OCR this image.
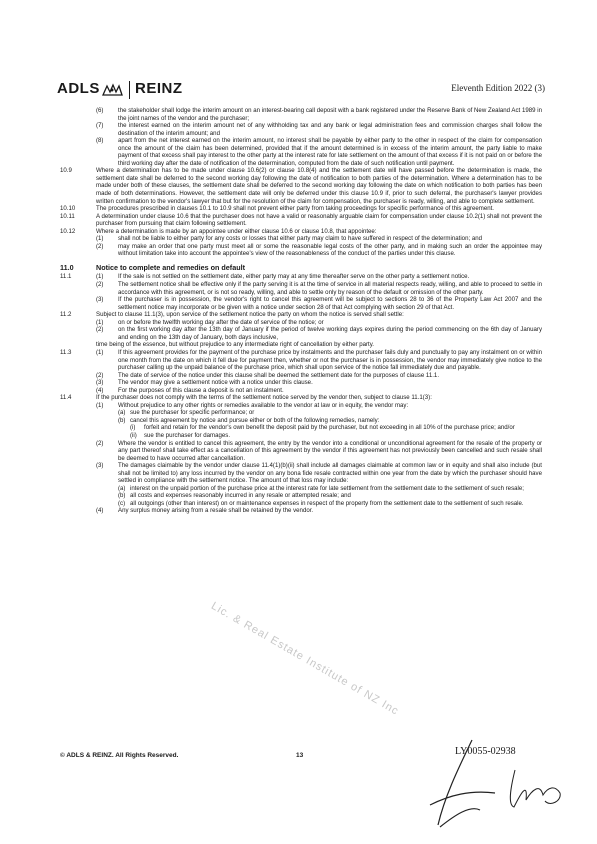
ADLS REINZ	Eleventh Edition 2022 (3)
Lic. & Real Estate Institute of NZ Inc
(6)	the stakeholder shall lodge the interim amount on an interest-bearing call deposit with a bank registered under the Reserve Bank of New Zealand Act 1989 in the joint names of the vendor and the purchaser;
(7)	the interest earned on the interim amount net of any withholding tax and any bank or legal administration fees and commission charges shall follow the destination of the interim amount; and
(8)	apart from the net interest earned on the interim amount, no interest shall be payable by either party to the other in respect of the claim for compensation once the amount of the claim has been determined, provided that if the amount determined is in excess of the interim amount, the party liable to make payment of that excess shall pay interest to the other party at the interest rate for late settlement on the amount of that excess if it is not paid on or before the third working day after the date of notification of the determination, computed from the date of such notification until payment.
10.9	Where a determination has to be made under clause 10.6(2) or clause 10.8(4) and the settlement date will have passed before the determination is made, the settlement date shall be deferred to the second working day following the date of notification to both parties of the determination. Where a determination has to be made under both of these clauses, the settlement date shall be deferred to the second working day following the date on which notification to both parties has been made of both determinations. However, the settlement date will only be deferred under this clause 10.9 if, prior to such deferral, the purchaser's lawyer provides written confirmation to the vendor's lawyer that but for the resolution of the claim for compensation, the purchaser is ready, willing, and able to complete settlement.
10.10	The procedures prescribed in clauses 10.1 to 10.9 shall not prevent either party from taking proceedings for specific performance of this agreement.
10.11	A determination under clause 10.6 that the purchaser does not have a valid or reasonably arguable claim for compensation under clause 10.2(1) shall not prevent the purchaser from pursuing that claim following settlement.
10.12	Where a determination is made by an appointee under either clause 10.6 or clause 10.8, that appointee:
(1)	shall not be liable to either party for any costs or losses that either party may claim to have suffered in respect of the determination; and
(2)	may make an order that one party must meet all or some the reasonable legal costs of the other party, and in making such an order the appointee may without limitation take into account the appointee's view of the reasonableness of the conduct of the parties under this clause.
11.0	Notice to complete and remedies on default
11.1	(1)	If the sale is not settled on the settlement date, either party may at any time thereafter serve on the other party a settlement notice.
(2)	The settlement notice shall be effective only if the party serving it is at the time of service in all material respects ready, willing, and able to proceed to settle in accordance with this agreement, or is not so ready, willing, and able to settle only by reason of the default or omission of the other party.
(3)	If the purchaser is in possession, the vendor's right to cancel this agreement will be subject to sections 28 to 36 of the Property Law Act 2007 and the settlement notice may incorporate or be given with a notice under section 28 of that Act complying with section 29 of that Act.
11.2	Subject to clause 11.1(3), upon service of the settlement notice the party on whom the notice is served shall settle:
(1)	on or before the twelfth working day after the date of service of the notice; or
(2)	on the first working day after the 13th day of January if the period of twelve working days expires during the period commencing on the 6th day of January and ending on the 13th day of January, both days inclusive,
time being of the essence, but without prejudice to any intermediate right of cancellation by either party.
11.3	(1)	If this agreement provides for the payment of the purchase price by instalments and the purchaser fails duly and punctually to pay any instalment on or within one month from the date on which it fell due for payment then, whether or not the purchaser is in possession, the vendor may immediately give notice to the purchaser calling up the unpaid balance of the purchase price, which shall upon service of the notice fall immediately due and payable.
(2)	The date of service of the notice under this clause shall be deemed the settlement date for the purposes of clause 11.1.
(3)	The vendor may give a settlement notice with a notice under this clause.
(4)	For the purposes of this clause a deposit is not an instalment.
11.4	If the purchaser does not comply with the terms of the settlement notice served by the vendor then, subject to clause 11.1(3):
(1)	Without prejudice to any other rights or remedies available to the vendor at law or in equity, the vendor may:
(a) sue the purchaser for specific performance; or
(b) cancel this agreement by notice and pursue either or both of the following remedies, namely:
(i)	forfeit and retain for the vendor's own benefit the deposit paid by the purchaser, but not exceeding in all 10% of the purchase price; and/or
(ii)	sue the purchaser for damages.
(2)	Where the vendor is entitled to cancel this agreement, the entry by the vendor into a conditional or unconditional agreement for the resale of the property or any part thereof shall take effect as a cancellation of this agreement by the vendor if this agreement has not previously been cancelled and such resale shall be deemed to have occurred after cancellation.
(3)	The damages claimable by the vendor under clause 11.4(1)(b)(ii) shall include all damages claimable at common law or in equity and shall also include (but shall not be limited to) any loss incurred by the vendor on any bona fide resale contracted within one year from the date by which the purchaser should have settled in compliance with the settlement notice. The amount of that loss may include:
(a) interest on the unpaid portion of the purchase price at the interest rate for late settlement from the settlement date to the settlement of such resale;
(b) all costs and expenses reasonably incurred in any resale or attempted resale; and
(c) all outgoings (other than interest) on or maintenance expenses in respect of the property from the settlement date to the settlement of such resale.
(4)	Any surplus money arising from a resale shall be retained by the vendor.
© ADLS & REINZ. All Rights Reserved.	13	LY0055-02938
